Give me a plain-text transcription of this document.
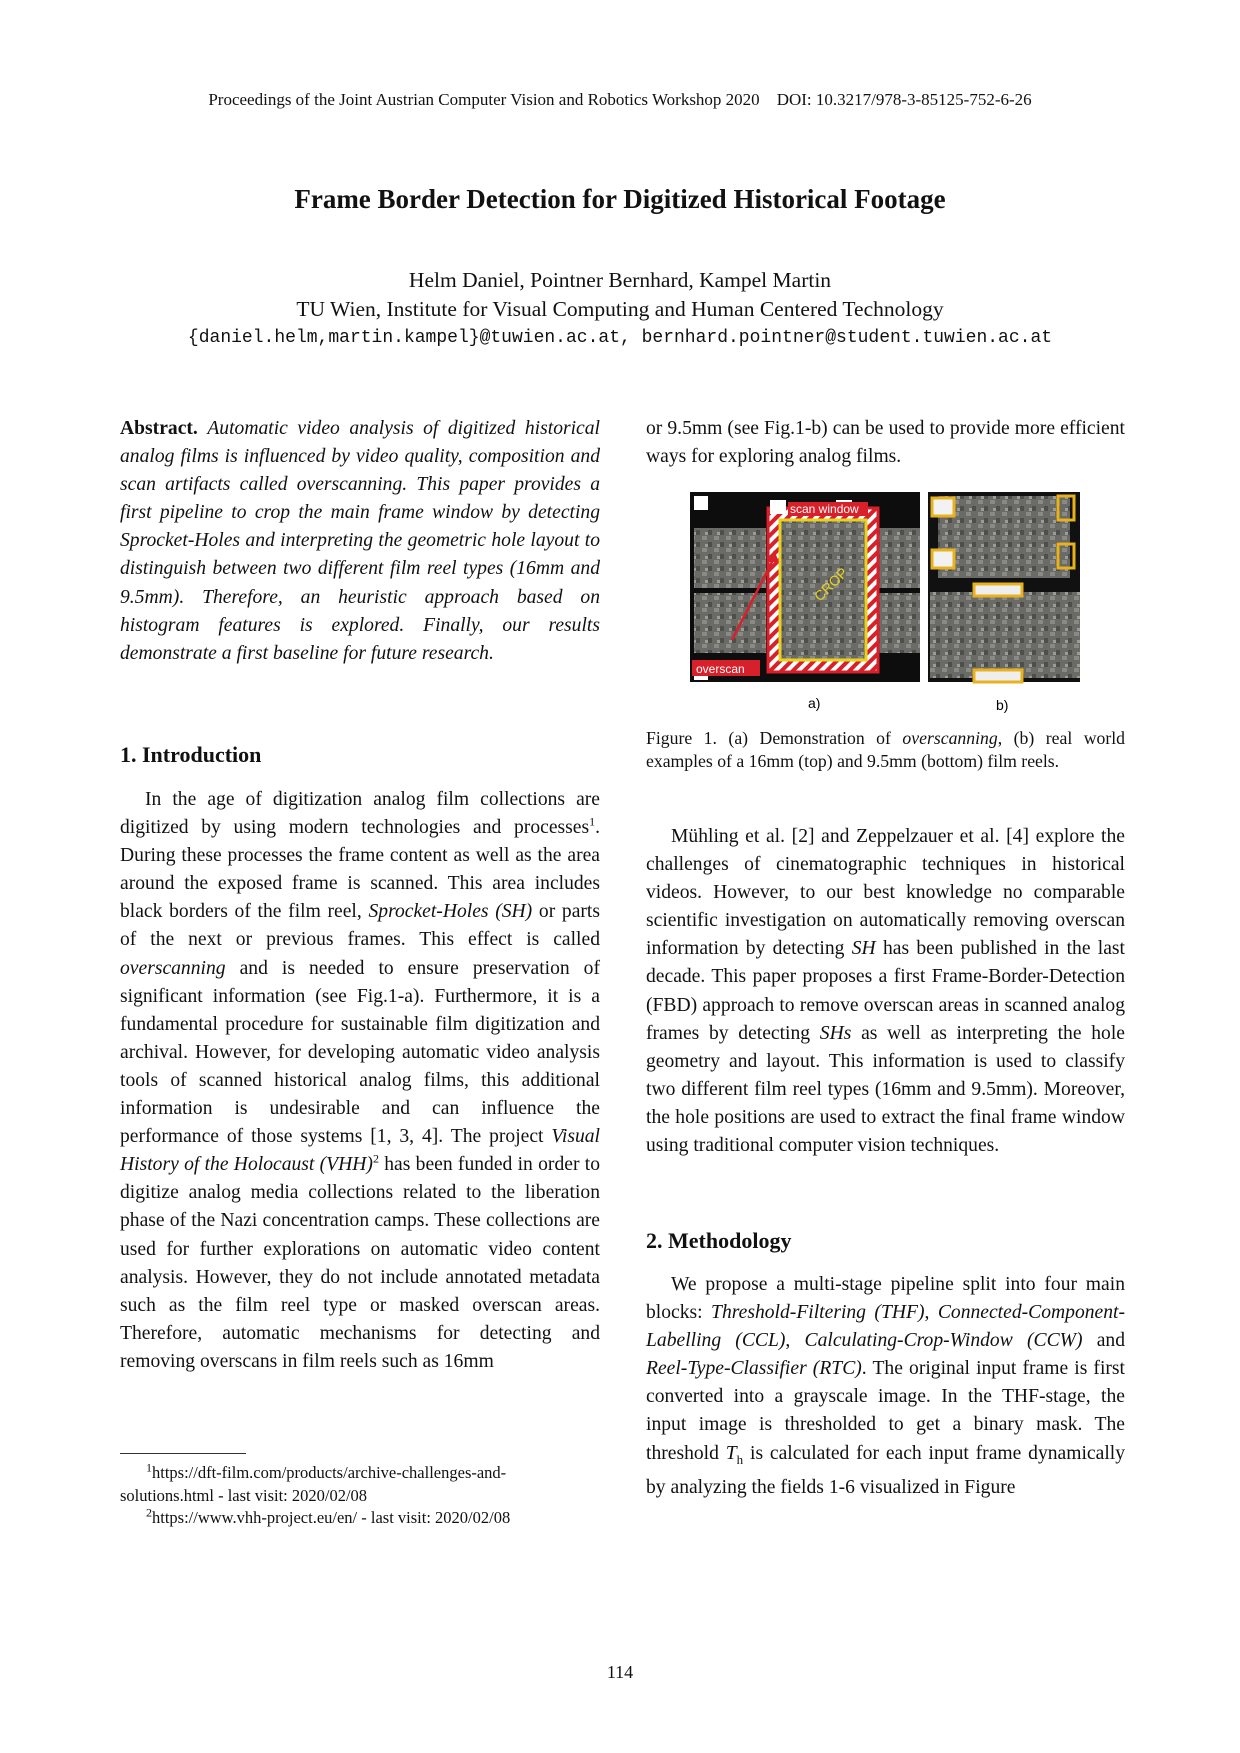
Proceedings of the Joint Austrian Computer Vision and Robotics Workshop 2020 DOI: 10.3217/978-3-85125-752-6-26
Frame Border Detection for Digitized Historical Footage
Helm Daniel, Pointner Bernhard, Kampel Martin
TU Wien, Institute for Visual Computing and Human Centered Technology
{daniel.helm,martin.kampel}@tuwien.ac.at, bernhard.pointner@student.tuwien.ac.at

Abstract. Automatic video analysis of digitized historical analog films is influenced by video quality, composition and scan artifacts called overscanning. This paper provides a first pipeline to crop the main frame window by detecting Sprocket-Holes and interpreting the geometric hole layout to distinguish between two different film reel types (16mm and 9.5mm). Therefore, an heuristic approach based on histogram features is explored. Finally, our results demonstrate a first baseline for future research.

1. Introduction

In the age of digitization analog film collections are digitized by using modern technologies and processes$^1$. During these processes the frame content as well as the area around the exposed frame is scanned. This area includes black borders of the film reel, Sprocket-Holes (SH) or parts of the next or previous frames. This effect is called overscanning and is needed to ensure preservation of significant information (see Fig.1-a). Furthermore, it is a fundamental procedure for sustainable film digitization and archival. However, for developing automatic video analysis tools of scanned historical analog films, this additional information is undesirable and can influence the performance of those systems [1, 3, 4]. The project Visual History of the Holocaust (VHH)$^2$ has been funded in order to digitize analog media collections related to the liberation phase of the Nazi concentration camps. These collections are used for further explorations on automatic video content analysis. However, they do not include annotated metadata such as the film reel type or masked overscan areas. Therefore, automatic mechanisms for detecting and removing overscans in film reels such as 16mm

$^1$https://dft-film.com/products/archive-challenges-and-solutions.html - last visit: 2020/02/08

$^2$https://www.vhh-project.eu/en/ - last visit: 2020/02/08

or 9.5mm (see Fig.1-b) can be used to provide more efficient ways for exploring analog films.

scan window
CROP
overscan
a)	b)
Figure 1. (a) Demonstration of overscanning, (b) real world examples of a 16mm (top) and 9.5mm (bottom) film reels.

Mühling et al. [2] and Zeppelzauer et al. [4] explore the challenges of cinematographic techniques in historical videos. However, to our best knowledge no comparable scientific investigation on automatically removing overscan information by detecting SH has been published in the last decade. This paper proposes a first Frame-Border-Detection (FBD) approach to remove overscan areas in scanned analog frames by detecting SHs as well as interpreting the hole geometry and layout. This information is used to classify two different film reel types (16mm and 9.5mm). Moreover, the hole positions are used to extract the final frame window using traditional computer vision techniques.

2. Methodology

We propose a multi-stage pipeline split into four main blocks: Threshold-Filtering (THF), Connected-Component-Labelling (CCL), Calculating-Crop-Window (CCW) and Reel-Type-Classifier (RTC). The original input frame is first converted into a grayscale image. In the THF-stage, the input image is thresholded to get a binary mask. The threshold $T_h$ is calculated for each input frame dynamically by analyzing the fields 1-6 visualized in Figure

114
